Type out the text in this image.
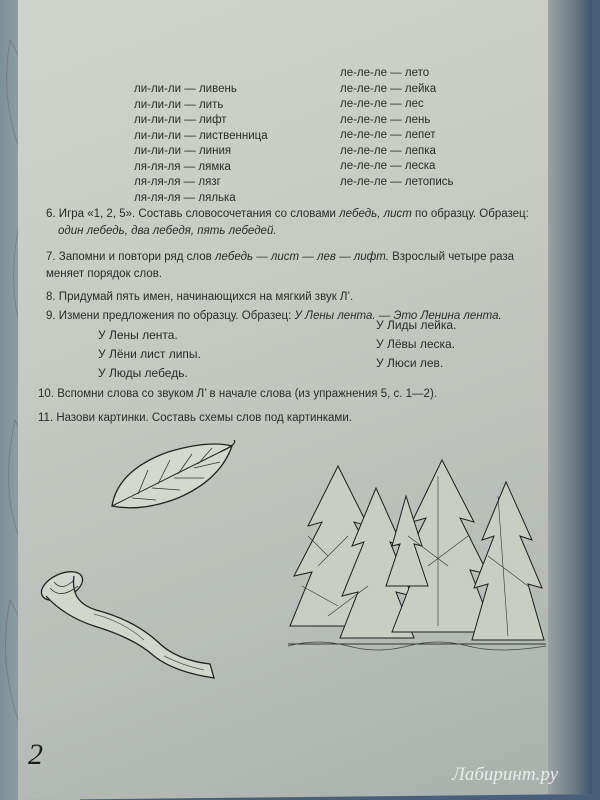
ли-ли-ли — ливень
ли-ли-ли — лить
ли-ли-ли — лифт
ли-ли-ли — лиственница
ли-ли-ли — линия
ля-ля-ля — лямка
ля-ля-ля — лязг
ля-ля-ля — лялька
ле-ле-ле — лето
ле-ле-ле — лейка
ле-ле-ле — лес
ле-ле-ле — лень
ле-ле-ле — лепет
ле-ле-ле — лепка
ле-ле-ле — леска
ле-ле-ле — летопись
6. Игра «1, 2, 5». Составь словосочетания со словами лебедь, лист по образцу. Образец:
один лебедь, два лебедя, пять лебедей.
7. Запомни и повтори ряд слов лебедь — лист — лев — лифт. Взрослый четыре раза меняет порядок слов.
8. Придумай пять имен, начинающихся на мягкий звук Л’.
9. Измени предложения по образцу. Образец: У Лены лента. — Это Ленина лента.
У Лены лента.
У Лёни лист липы.
У Люды лебедь.
У Лиды лейка.
У Лёвы леска.
У Люси лев.
10. Вспомни слова со звуком Л’ в начале слова (из упражнения 5, с. 1—2).
11. Назови картинки. Составь схемы слов под картинками.
2
Лабиринт.ру
